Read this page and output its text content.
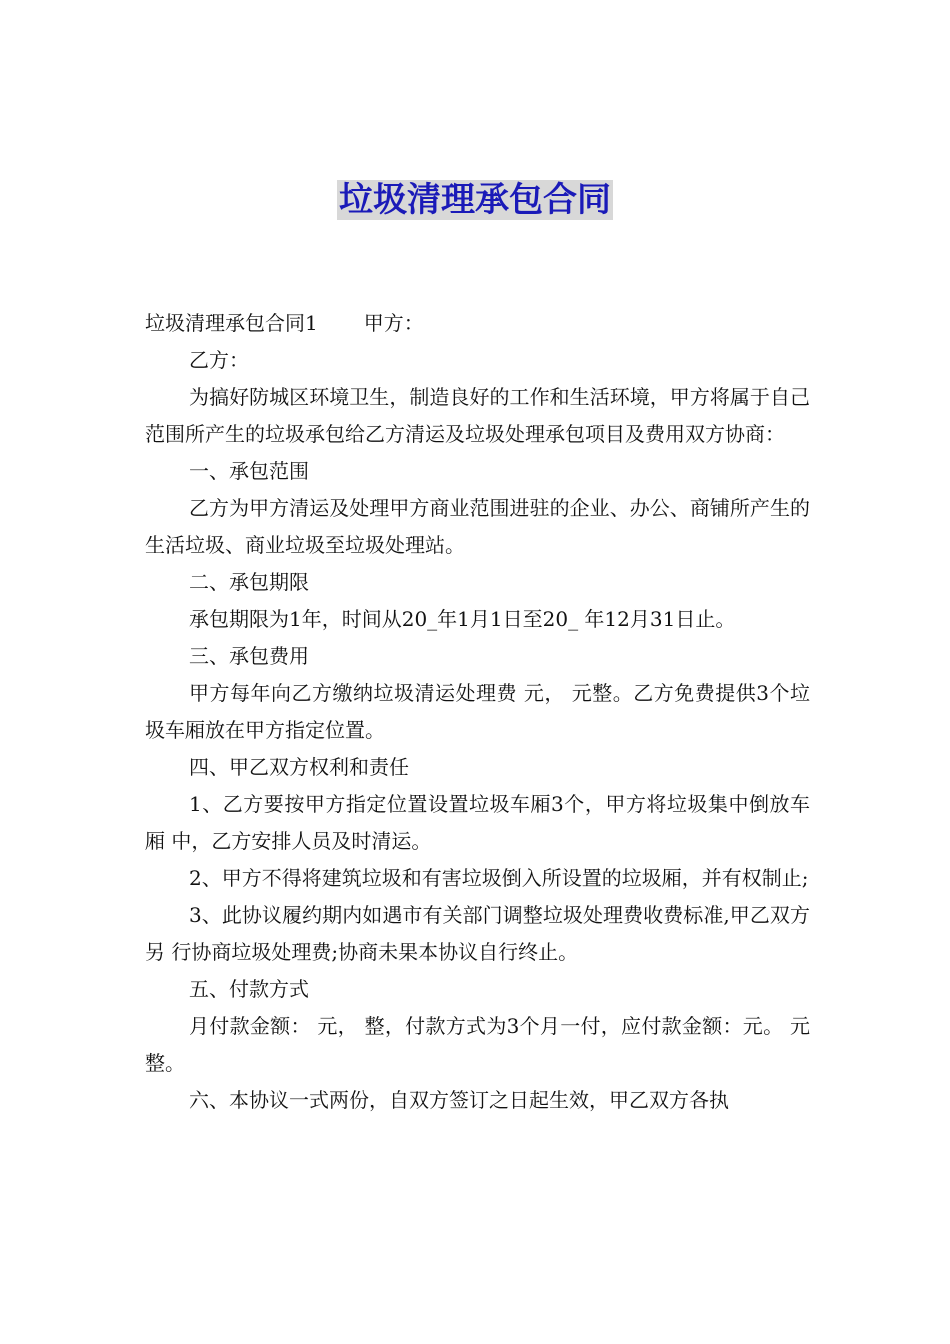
垃圾清理承包合同

垃圾清理承包合同1 甲方：

乙方：

为搞好防城区环境卫生，制造良好的工作和生活环境，甲方将属于自己范围所产生的垃圾承包给乙方清运及垃圾处理承包项目及费用双方协商：

一、承包范围

乙方为甲方清运及处理甲方商业范围进驻的企业、办公、商铺所产生的生活垃圾、商业垃圾至垃圾处理站。

二、承包期限

承包期限为1年，时间从20_年1月1日至20_ 年12月31日止。

三、承包费用

甲方每年向乙方缴纳垃圾清运处理费 元， 元整。乙方免费提供3个垃圾车厢放在甲方指定位置。

四、甲乙双方权利和责任

1、乙方要按甲方指定位置设置垃圾车厢3个，甲方将垃圾集中倒放车厢 中，乙方安排人员及时清运。

2、甲方不得将建筑垃圾和有害垃圾倒入所设置的垃圾厢，并有权制止;

3、此协议履约期内如遇市有关部门调整垃圾处理费收费标准,甲乙双方另 行协商垃圾处理费;协商未果本协议自行终止。

五、付款方式

月付款金额： 元， 整，付款方式为3个月一付，应付款金额：元。 元整。

六、本协议一式两份，自双方签订之日起生效，甲乙双方各执
